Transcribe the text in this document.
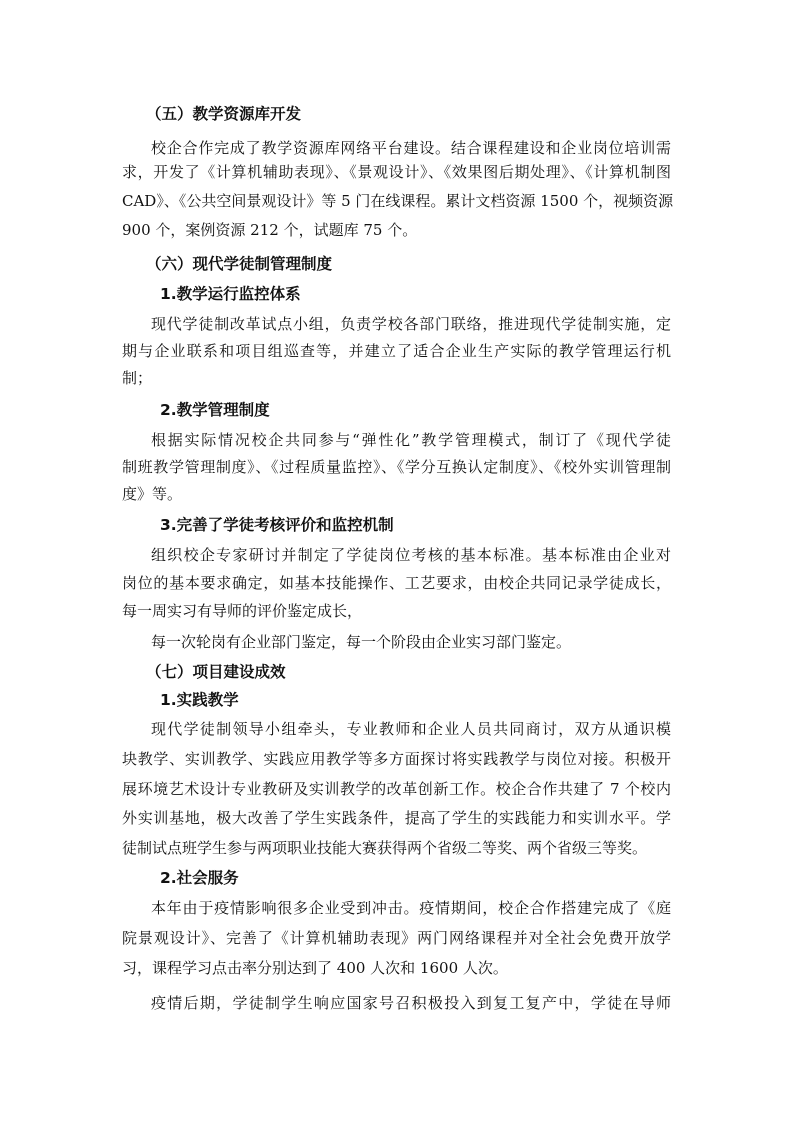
（五）教学资源库开发
校企合作完成了教学资源库网络平台建设。结合课程建设和企业岗位培训需
求，开发了《计算机辅助表现》、《景观设计》、《效果图后期处理》、《计算机制图
CAD》、《公共空间景观设计》等 5 门在线课程。累计文档资源 1500 个，视频资源
900 个，案例资源 212 个，试题库 75 个。
（六）现代学徒制管理制度
1.教学运行监控体系
现代学徒制改革试点小组，负责学校各部门联络，推进现代学徒制实施，定
期与企业联系和项目组巡查等，并建立了适合企业生产实际的教学管理运行机
制；
2.教学管理制度
根据实际情况校企共同参与“弹性化”教学管理模式，制订了《现代学徒
制班教学管理制度》、《过程质量监控》、《学分互换认定制度》、《校外实训管理制
度》等。
3.完善了学徒考核评价和监控机制
组织校企专家研讨并制定了学徒岗位考核的基本标准。基本标准由企业对
岗位的基本要求确定，如基本技能操作、工艺要求，由校企共同记录学徒成长，
每一周实习有导师的评价鉴定成长，
每一次轮岗有企业部门鉴定，每一个阶段由企业实习部门鉴定。
（七）项目建设成效
1.实践教学
现代学徒制领导小组牵头，专业教师和企业人员共同商讨，双方从通识模
块教学、实训教学、实践应用教学等多方面探讨将实践教学与岗位对接。积极开
展环境艺术设计专业教研及实训教学的改革创新工作。校企合作共建了 7 个校内
外实训基地，极大改善了学生实践条件，提高了学生的实践能力和实训水平。学
徒制试点班学生参与两项职业技能大赛获得两个省级二等奖、两个省级三等奖。
2.社会服务
本年由于疫情影响很多企业受到冲击。疫情期间，校企合作搭建完成了《庭
院景观设计》、完善了《计算机辅助表现》两门网络课程并对全社会免费开放学
习，课程学习点击率分别达到了 400 人次和 1600 人次。
疫情后期，学徒制学生响应国家号召积极投入到复工复产中，学徒在导师
